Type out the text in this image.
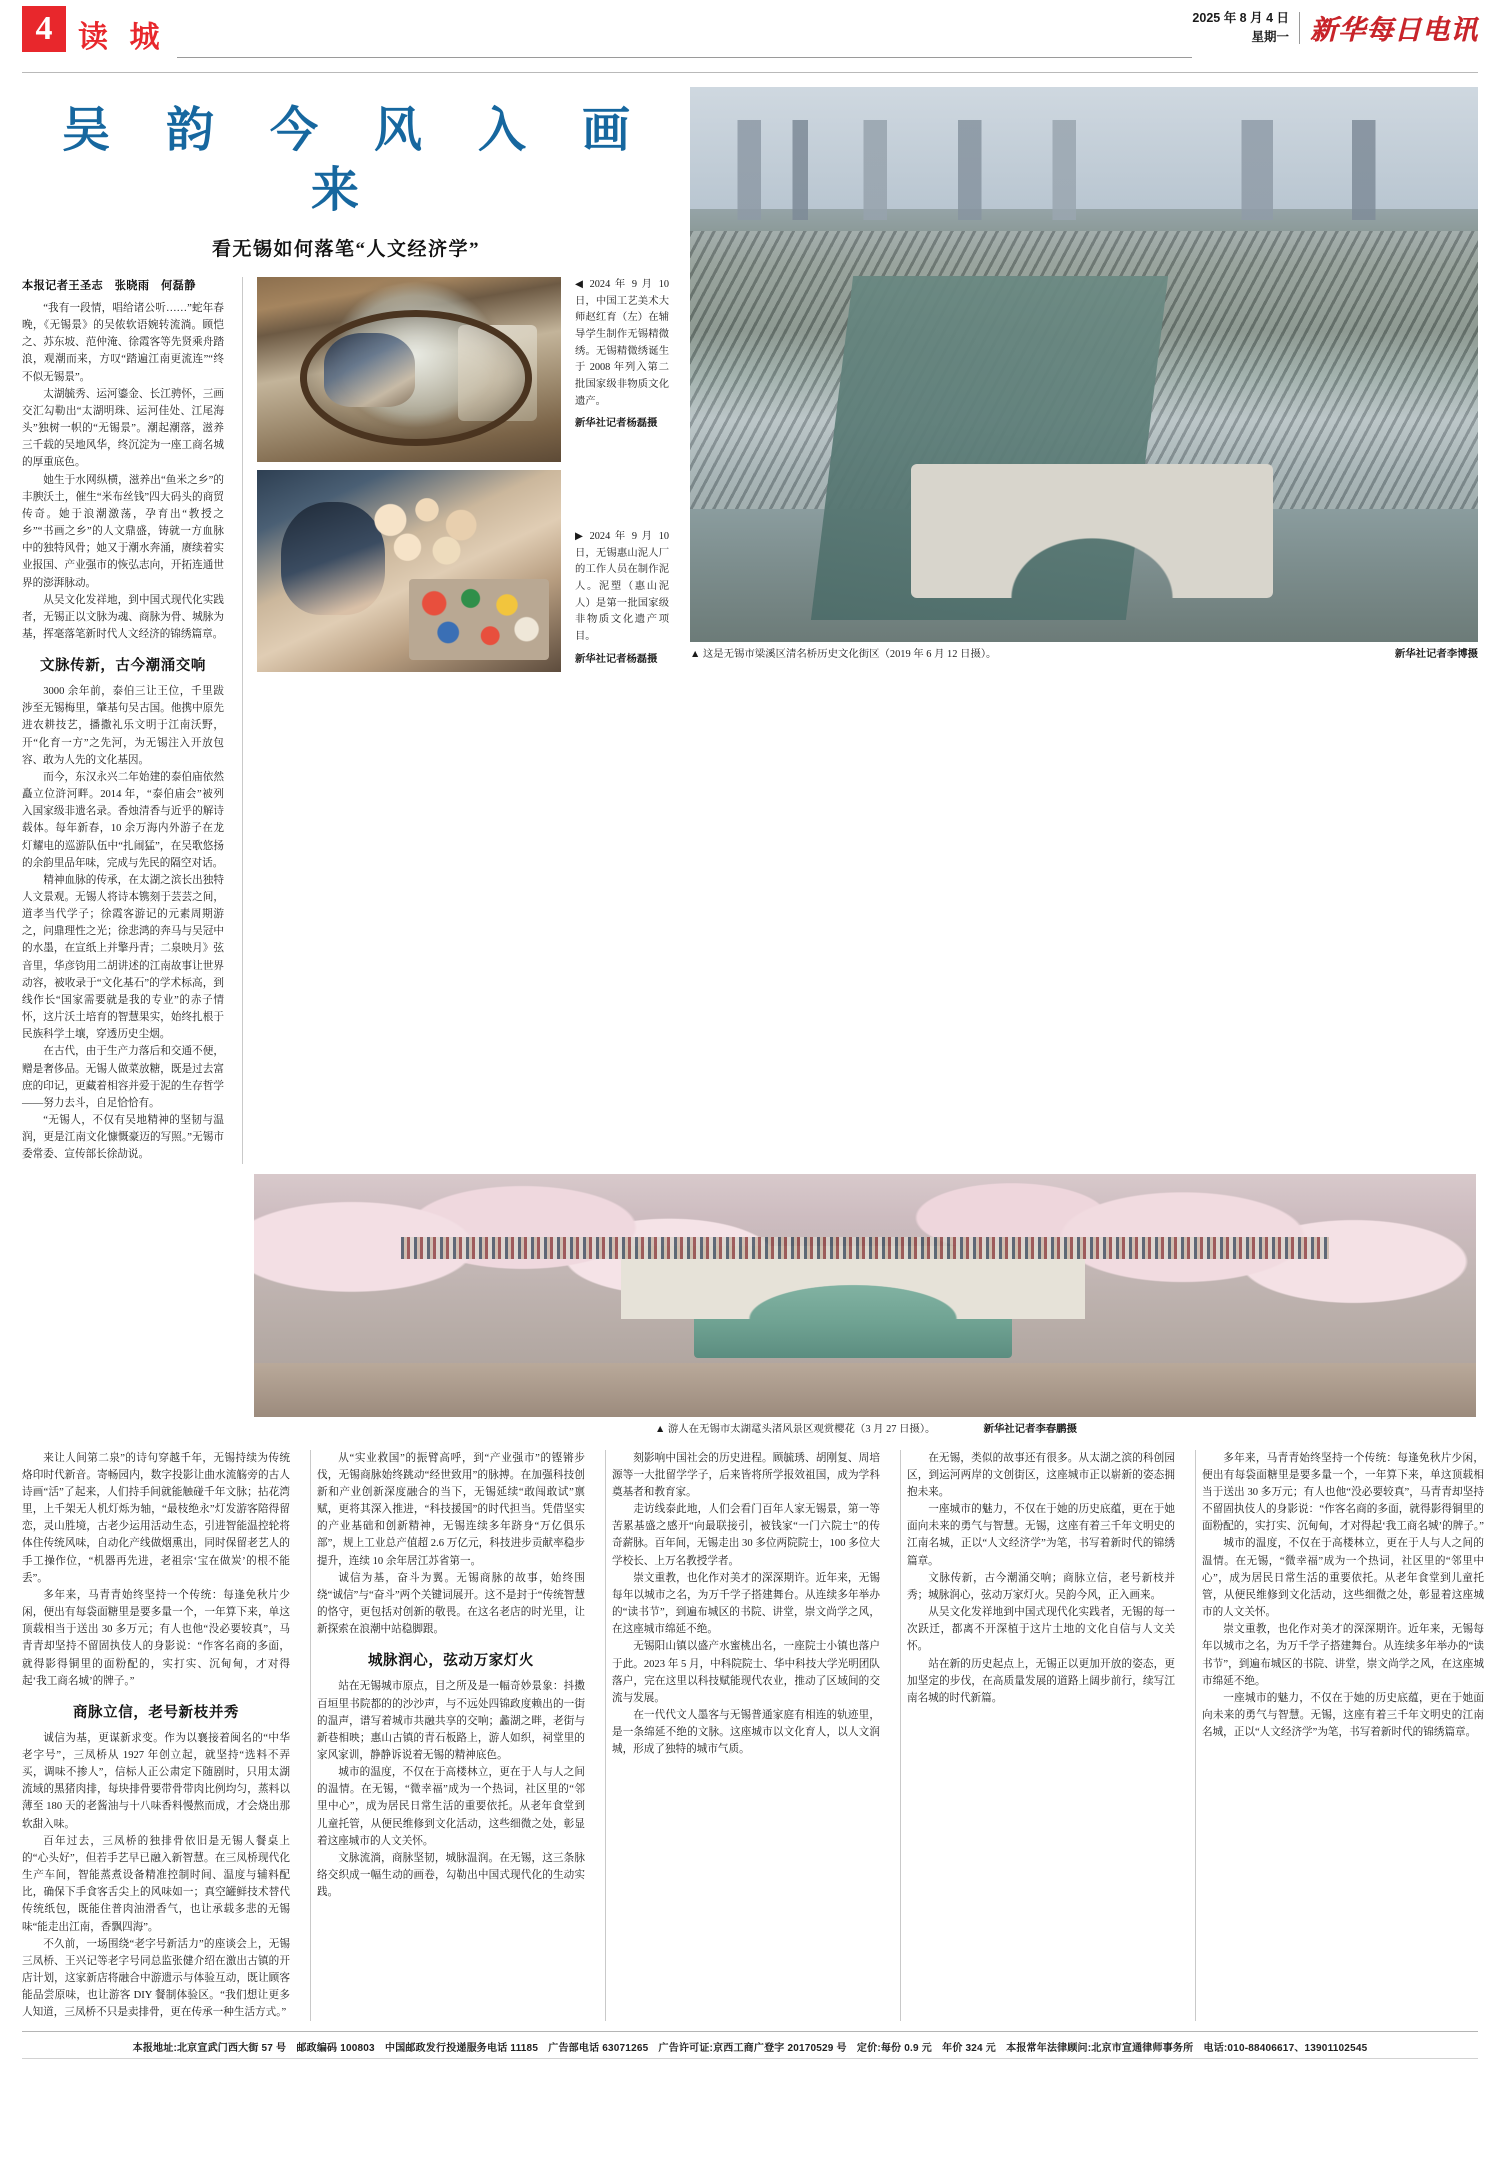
4 读 城
2025 年 8 月 4 日
星期一 新华每日电讯
吴 韵 今 风 入 画 来
看无锡如何落笔“人文经济学”
本报记者王圣志　张晓雨　何磊静

“我有一段情，唱给诸公听……”蛇年春晚，《无锡景》的吴侬软语婉转流淌。顾恺之、苏东坡、范仲淹、徐霞客等先贤乘舟踏浪，观潮而来，方叹“踏遍江南更流连”“终不似无锡景”。

太湖毓秀、运河鎏金、长江骋怀，三画交汇勾勒出“太湖明珠、运河佳处、江尾海头”独树一帜的“无锡景”。潮起潮落，滋养三千载的吴地风华，终沉淀为一座工商名城的厚重底色。

她生于水网纵横，滋养出“鱼米之乡”的丰腴沃土，催生“米布丝钱”四大码头的商贸传奇。她于浪潮激荡，孕育出“教授之乡”“书画之乡”的人文鼎盛，铸就一方血脉中的独特风骨；她又于潮水奔涌，赓续着实业报国、产业强市的恢弘志向，开拓连通世界的澎湃脉动。

从吴文化发祥地，到中国式现代化实践者，无锡正以文脉为魂、商脉为骨、城脉为基，挥毫落笔新时代人文经济的锦绣篇章。

文脉传新，古今潮涌交响

3000 余年前，泰伯三让王位，千里跋涉至无锡梅里，肇基句吴古国。他携中原先进农耕技艺，播撒礼乐文明于江南沃野，开“化育一方”之先河，为无锡注入开放包容、敢为人先的文化基因。

而今，东汉永兴二年始建的泰伯庙依然矗立位浒河畔。2014 年，“泰伯庙会”被列入国家级非遗名录。香烛清香与近乎的解诗载体。每年新春，10 余万海内外游子在龙灯耀电的巡游队伍中“扎闹猛”，在吴歌悠扬的余韵里品年味，完成与先民的隔空对话。

精神血脉的传承，在太湖之滨长出独特人文景观。无锡人将诗本镌刻于芸芸之间，道孝当代学子；徐霞客游记的元素周期游之，问鼎理性之光；徐悲鸿的奔马与吴冠中的水墨，在宣纸上并擎丹青；二泉映月》弦音里，华彦钧用二胡讲述的江南故事让世界动容，被收录于“文化基石”的学术标高，到线作长“国家需要就是我的专业”的赤子情怀，这片沃土培育的智慧果实，始终扎根于民族科学土壤，穿透历史尘烟。

在古代，由于生产力落后和交通不便，赠是奢侈品。无锡人做菜放糖，既是过去富庶的印记，更藏着相容并爱于泥的生存哲学——努力去斗，自足恰恰有。

“无锡人，不仅有吴地精神的坚韧与温润，更是江南文化慷慨豪迈的写照。”无锡市委常委、宣传部长徐劼说。

◀ 2024 年 9 月 10 日，中国工艺美术大师赵红育（左）在辅导学生制作无锡精微绣。无锡精微绣诞生于 2008 年列入第二批国家级非物质文化遗产。
新华社记者杨磊摄
▶ 2024 年 9 月 10 日，无锡惠山泥人厂的工作人员在制作泥人。泥塑（惠山泥人）是第一批国家级非物质文化遗产项目。
新华社记者杨磊摄	▲ 这是无锡市梁溪区清名桥历史文化街区（2019 年 6 月 12 日摄）。	新华社记者李博摄
▲ 游人在无锡市太湖鼋头渚风景区观赏樱花（3 月 27 日摄）。	新华社记者李春鹏摄

来让人间第二泉”的诗句穿越千年，无锡持续为传统烙印时代新音。寄畅园内，数字投影让曲水流觞旁的古人诗画“活”了起来，人们持手间就能触碰千年文脉；拈花湾里，上千架无人机灯烁为轴，“最枝绝永”灯发游客陪得留恋，灵山胜境，古老少运用活动生态，引进智能温控轮将体住传统风味，自动化产线做烟熏出，同时保留老艺人的手工操作位，“机器再先进，老祖宗‘宝在做炭’的根不能丢”。

多年来，马青青始终坚持一个传统：每逢免秋片少闲，便出有每袋面糖里是要多量一个，一年算下来，单这顶载相当于送出 30 多万元；有人也他“没必要较真”，马青青却坚持不留固执伎人的身影说：“作客名商的多面，就得影得铜里的面粉配的，实打实、沉甸甸，才对得起‘我工商名城’的牌子。”

商脉立信，老号新枝并秀

诚信为基，更谋新求变。作为以襄接着闽名的“中华老字号”，三凤桥从 1927 年创立起，就坚持“选料不弄买，调味不掺人”，信标人正公肃定下随剧时，只用太湖流域的黑猪肉排，每块排骨要带骨带肉比例均匀，蒸料以薄至 180 天的老酱油与十八味香料慢熬而成，才会烧出那软甜入味。

百年过去，三凤桥的独排骨依旧是无锡人餐桌上的“心头好”，但若手艺早已融入新智慧。在三凤桥现代化生产车间，智能蒸煮设备精准控制时间、温度与辅料配比，确保下手食客舌尖上的风味如一；真空罐鲜技术替代传统纸包，既能住普肉油滑香气，也让承载多悲的无锡味“能走出江南，香飘四海”。

不久前，一场围绕“老字号新活力”的座谈会上，无锡三凤桥、王兴记等老字号同总监张健介绍在激出古镇的开店计划，这家新店将融合中游遗示与体验互动，既让顾客能品尝原味，也让游客 DIY 餐制体验区。“我们想让更多人知道，三凤桥不只是卖排骨，更在传承一种生活方式。”

从“实业救国”的振臂高呼，到“产业强市”的铿锵步伐，无锡商脉始终跳动“经世致用”的脉搏。在加强科技创新和产业创新深度融合的当下，无锡延续“敢闯敢试”禀赋，更将其深入推进，“科技援国”的时代担当。凭借坚实的产业基础和创新精神，无锡连续多年跻身“万亿俱乐部”，规上工业总产值超 2.6 万亿元，科技进步贡献率稳步提升，连续 10 余年居江苏省第一。

诚信为基，奋斗为翼。无锡商脉的故事，始终围绕“诚信”与“奋斗”两个关键词展开。这不是封于“传统智慧的恪守，更包括对创新的敬畏。在这名老店的时光里，让新探索在浪潮中站稳脚跟。

城脉润心，弦动万家灯火

站在无锡城市原点，目之所及是一幅奇妙景象：抖擞百垣里书院都的的沙沙声，与不远处四锦政度赖出的一街的温声，谱写着城市共融共享的交响；蠡湖之畔，老街与新巷相映；惠山古镇的青石板路上，游人如织，祠堂里的家风家训，静静诉说着无锡的精神底色。

城市的温度，不仅在于高楼林立，更在于人与人之间的温情。在无锡，“微幸福”成为一个热词，社区里的“邻里中心”，成为居民日常生活的重要依托。从老年食堂到儿童托管，从便民维修到文化活动，这些细微之处，彰显着这座城市的人文关怀。

文脉流淌，商脉坚韧，城脉温润。在无锡，这三条脉络交织成一幅生动的画卷，勾勒出中国式现代化的生动实践。

刻影响中国社会的历史进程。顾毓琇、胡刚复、周培源等一大批留学学子，后来皆将所学报效祖国，成为学科奠基者和教育家。

走访线泰此地，人们会看门百年人家无锡景，第一等苦累基盛之感开“向最联接引，被钱家“一门六院士”的传奇薪脉。百年间，无锡走出 30 多位两院院士，100 多位大学校长、上万名教授学者。

崇文重教，也化作对美才的深深期许。近年来，无锡每年以城市之名，为万千学子搭建舞台。从连续多年举办的“读书节”，到遍布城区的书院、讲堂，崇文尚学之风，在这座城市绵延不绝。

无锡阳山镇以盛产水蜜桃出名，一座院士小镇也落户于此。2023 年 5 月，中科院院士、华中科技大学光明团队落户，完在这里以科技赋能现代农业，推动了区域间的交流与发展。

在一代代文人墨客与无锡普通家庭有相连的轨迹里，是一条绵延不绝的文脉。这座城市以文化育人，以人文润城，形成了独特的城市气质。

在无锡，类似的故事还有很多。从太湖之滨的科创园区，到运河两岸的文创街区，这座城市正以崭新的姿态拥抱未来。

一座城市的魅力，不仅在于她的历史底蕴，更在于她面向未来的勇气与智慧。无锡，这座有着三千年文明史的江南名城，正以“人文经济学”为笔，书写着新时代的锦绣篇章。

文脉传新，古今潮涌交响；商脉立信，老号新枝并秀；城脉润心，弦动万家灯火。吴韵今风，正入画来。

从吴文化发祥地到中国式现代化实践者，无锡的每一次跃迁，都离不开深植于这片土地的文化自信与人文关怀。

站在新的历史起点上，无锡正以更加开放的姿态，更加坚定的步伐，在高质量发展的道路上阔步前行，续写江南名城的时代新篇。

多年来，马青青始终坚持一个传统：每逢免秋片少闲，便出有每袋面糖里是要多量一个，一年算下来，单这顶载相当于送出 30 多万元；有人也他“没必要较真”，马青青却坚持不留固执伎人的身影说：“作客名商的多面，就得影得铜里的面粉配的，实打实、沉甸甸，才对得起‘我工商名城’的牌子。”

城市的温度，不仅在于高楼林立，更在于人与人之间的温情。在无锡，“微幸福”成为一个热词，社区里的“邻里中心”，成为居民日常生活的重要依托。从老年食堂到儿童托管，从便民维修到文化活动，这些细微之处，彰显着这座城市的人文关怀。

崇文重教，也化作对美才的深深期许。近年来，无锡每年以城市之名，为万千学子搭建舞台。从连续多年举办的“读书节”，到遍布城区的书院、讲堂，崇文尚学之风，在这座城市绵延不绝。

一座城市的魅力，不仅在于她的历史底蕴，更在于她面向未来的勇气与智慧。无锡，这座有着三千年文明史的江南名城，正以“人文经济学”为笔，书写着新时代的锦绣篇章。

本报地址:北京宣武门西大街 57 号　邮政编码 100803　中国邮政发行投递服务电话 11185　广告部电话 63071265　广告许可证:京西工商广登字 20170529 号　定价:每份 0.9 元　年价 324 元　本报常年法律顾问:北京市宣通律师事务所　电话:010-88406617、13901102545
